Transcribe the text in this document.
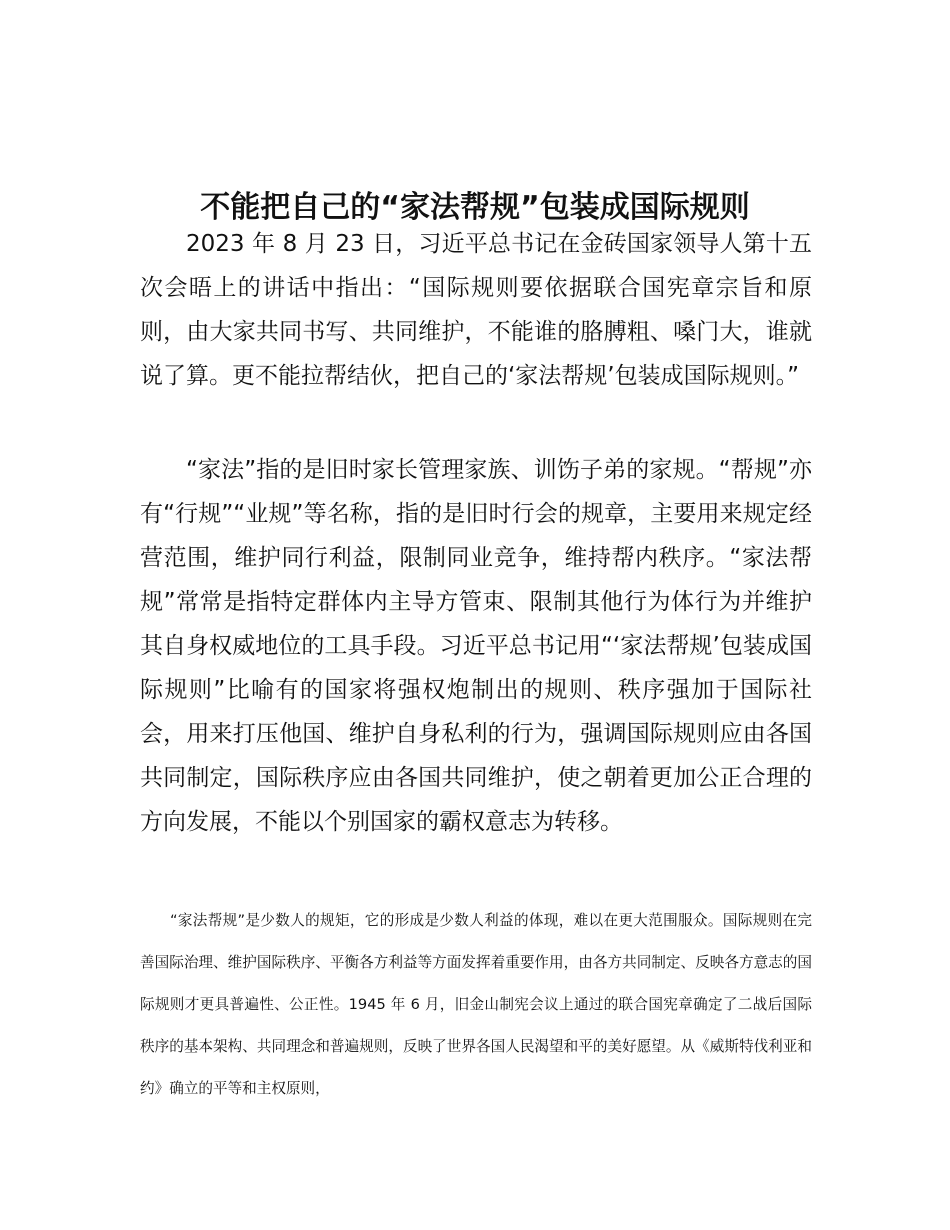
不能把自己的“家法帮规”包装成国际规则

2023 年 8 月 23 日，习近平总书记在金砖国家领导人第十五次会晤上的讲话中指出：“国际规则要依据联合国宪章宗旨和原则，由大家共同书写、共同维护，不能谁的胳膊粗、嗓门大，谁就说了算。更不能拉帮结伙，把自己的‘家法帮规’包装成国际规则。”

“家法”指的是旧时家长管理家族、训饬子弟的家规。“帮规”亦有“行规”“业规”等名称，指的是旧时行会的规章，主要用来规定经营范围，维护同行利益，限制同业竞争，维持帮内秩序。“家法帮规”常常是指特定群体内主导方管束、限制其他行为体行为并维护其自身权威地位的工具手段。习近平总书记用“‘家法帮规’包装成国际规则”比喻有的国家将强权炮制出的规则、秩序强加于国际社会，用来打压他国、维护自身私利的行为，强调国际规则应由各国共同制定，国际秩序应由各国共同维护，使之朝着更加公正合理的方向发展，不能以个别国家的霸权意志为转移。

“家法帮规”是少数人的规矩，它的形成是少数人利益的体现，难以在更大范围服众。国际规则在完善国际治理、维护国际秩序、平衡各方利益等方面发挥着重要作用，由各方共同制定、反映各方意志的国际规则才更具普遍性、公正性。1945 年 6 月，旧金山制宪会议上通过的联合国宪章确定了二战后国际秩序的基本架构、共同理念和普遍规则，反映了世界各国人民渴望和平的美好愿望。从《威斯特伐利亚和约》确立的平等和主权原则，
